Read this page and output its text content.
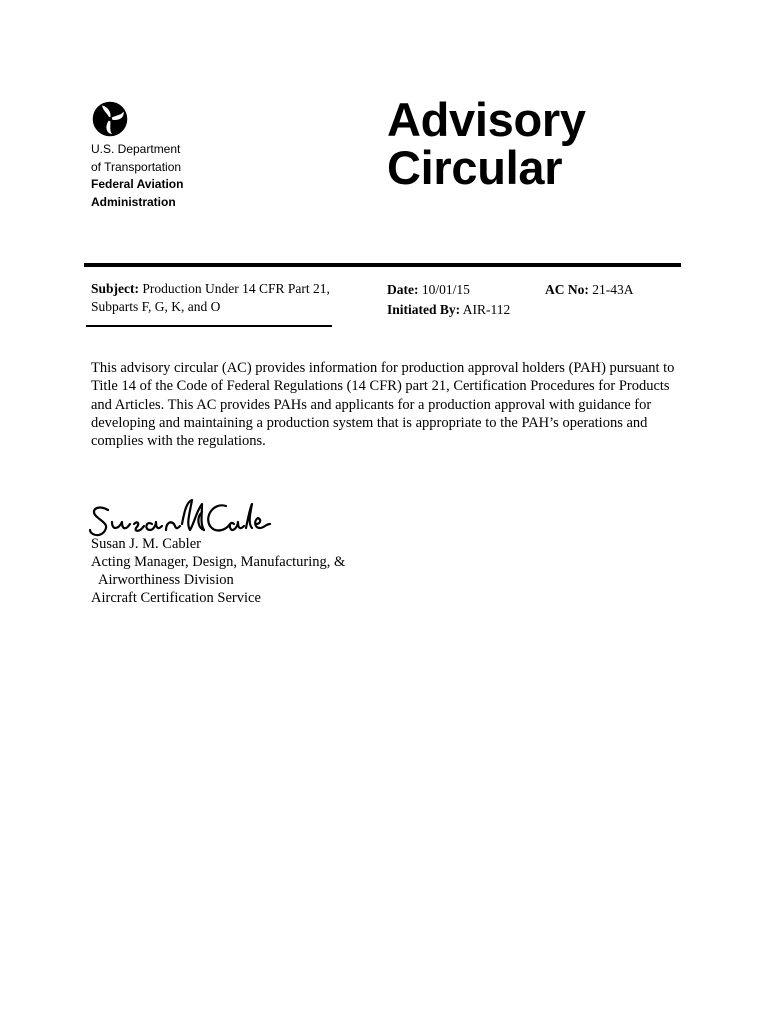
U.S. Department
of Transportation
Federal Aviation
Administration
Advisory
Circular
Subject: Production Under 14 CFR Part 21,
Subparts F, G, K, and O
Date: 10/01/15
Initiated By: AIR-112
AC No: 21-43A
This advisory circular (AC) provides information for production approval holders (PAH) pursuant to Title 14 of the Code of Federal Regulations (14 CFR) part 21, Certification Procedures for Products and Articles. This AC provides PAHs and applicants for a production approval with guidance for developing and maintaining a production system that is appropriate to the PAH’s operations and complies with the regulations.
Susan J. M. Cabler
Acting Manager, Design, Manufacturing, &
Airworthiness Division
Aircraft Certification Service
